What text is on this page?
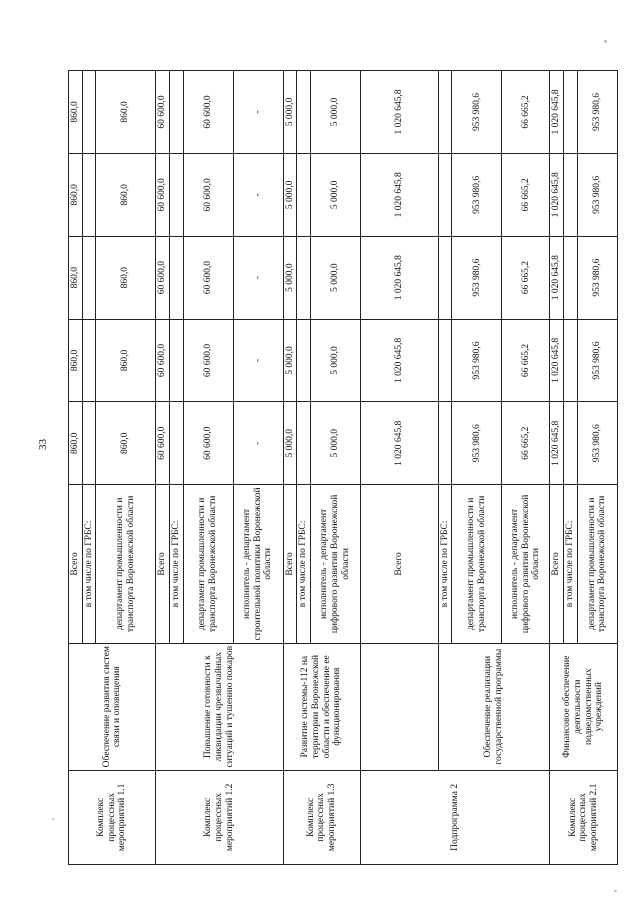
33
Комплекс процессных мероприятий 1.1	Обеспечение развития систем связи и оповещения	Всего	860,0	860,0	860,0	860,0	860,0
		в том числе по ГРБС:					
		департамент промышленности и транспорта Воронежской области	860,0	860,0	860,0	860,0	860,0
Комплекс процессных мероприятий 1.2	Повышение готовности к ликвидации чрезвычайных ситуаций и тушению пожаров	Всего	60 600,0	60 600,0	60 600,0	60 600,0	60 600,0
		в том числе по ГРБС:					
		департамент промышленности и транспорта Воронежской области	60 600,0	60 600,0	60 600,0	60 600,0	60 600,0
		исполнитель - департамент строительной политики Воронежской области	-	-	-	-	-
Комплекс процессных мероприятий 1.3	Развитие системы-112 на территории Воронежской области и обеспечение ее функционирования	Всего	5 000,0	5 000,0	5 000,0	5 000,0	5 000,0
		в том числе по ГРБС:					
		исполнитель - департамент цифрового развития Воронежской области	5 000,0	5 000,0	5 000,0	5 000,0	5 000,0
Подпрограмма 2		Всего	1 020 645,8	1 020 645,8	1 020 645,8	1 020 645,8	1 020 645,8
	Обеспечение реализации государственной программы	в том числе по ГРБС:					
		департамент промышленности и транспорта Воронежской области	953 980,6	953 980,6	953 980,6	953 980,6	953 980,6
		исполнитель - департамент цифрового развития Воронежской области	66 665,2	66 665,2	66 665,2	66 665,2	66 665,2
Комплекс процессных мероприятий 2.1	Финансовое обеспечение деятельности подведомственных учреждений	Всего	1 020 645,8	1 020 645,8	1 020 645,8	1 020 645,8	1 020 645,8
		в том числе по ГРБС:					
		департамент промышленности и транспорта Воронежской области	953 980,6	953 980,6	953 980,6	953 980,6	953 980,6
